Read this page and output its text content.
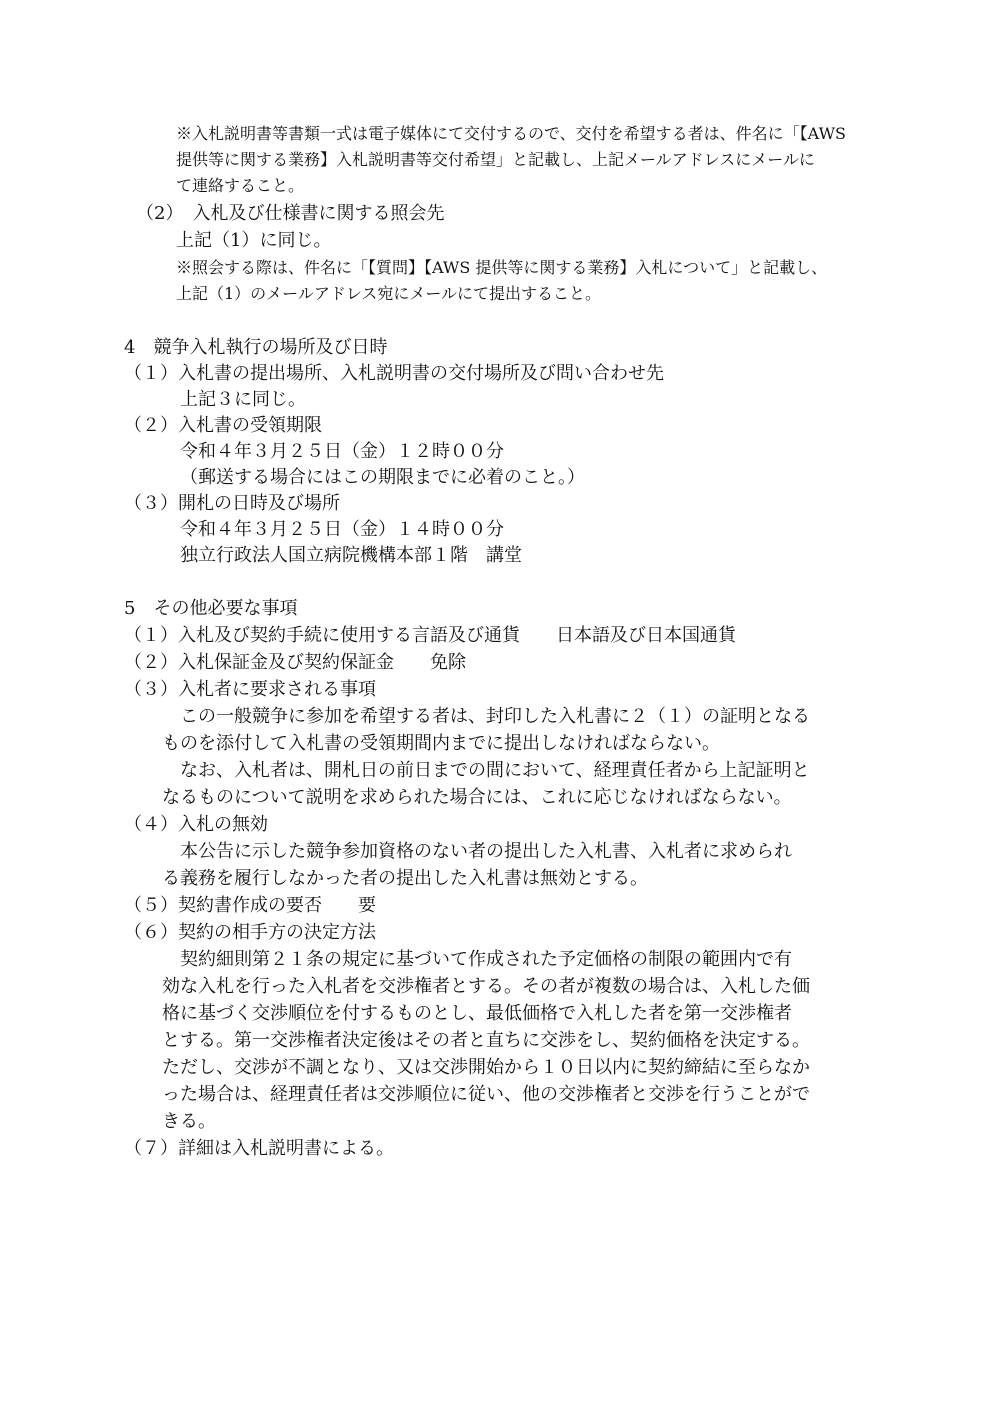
※入札説明書等書類一式は電子媒体にて交付するので、交付を希望する者は、件名に「【AWS
提供等に関する業務】入札説明書等交付希望」と記載し、上記メールアドレスにメールに
て連絡すること。
（2）　入札及び仕様書に関する照会先
上記（1）に同じ。
※照会する際は、件名に「【質問】【AWS 提供等に関する業務】入札について」と記載し、
上記（1）のメールアドレス宛にメールにて提出すること。
4　競争入札執行の場所及び日時
（１）入札書の提出場所、入札説明書の交付場所及び問い合わせ先
上記３に同じ。
（２）入札書の受領期限
令和４年３月２５日（金）１２時００分
（郵送する場合にはこの期限までに必着のこと。）
（３）開札の日時及び場所
令和４年３月２５日（金）１４時００分
独立行政法人国立病院機構本部１階　講堂
5　その他必要な事項
（１）入札及び契約手続に使用する言語及び通貨　　日本語及び日本国通貨
（２）入札保証金及び契約保証金　　免除
（３）入札者に要求される事項
この一般競争に参加を希望する者は、封印した入札書に２（１）の証明となる
ものを添付して入札書の受領期間内までに提出しなければならない。
なお、入札者は、開札日の前日までの間において、経理責任者から上記証明と
なるものについて説明を求められた場合には、これに応じなければならない。
（４）入札の無効
本公告に示した競争参加資格のない者の提出した入札書、入札者に求められ
る義務を履行しなかった者の提出した入札書は無効とする。
（５）契約書作成の要否　　要
（６）契約の相手方の決定方法
契約細則第２１条の規定に基づいて作成された予定価格の制限の範囲内で有
効な入札を行った入札者を交渉権者とする。その者が複数の場合は、入札した価
格に基づく交渉順位を付するものとし、最低価格で入札した者を第一交渉権者
とする。第一交渉権者決定後はその者と直ちに交渉をし、契約価格を決定する。
ただし、交渉が不調となり、又は交渉開始から１０日以内に契約締結に至らなか
った場合は、経理責任者は交渉順位に従い、他の交渉権者と交渉を行うことがで
きる。
（７）詳細は入札説明書による。
